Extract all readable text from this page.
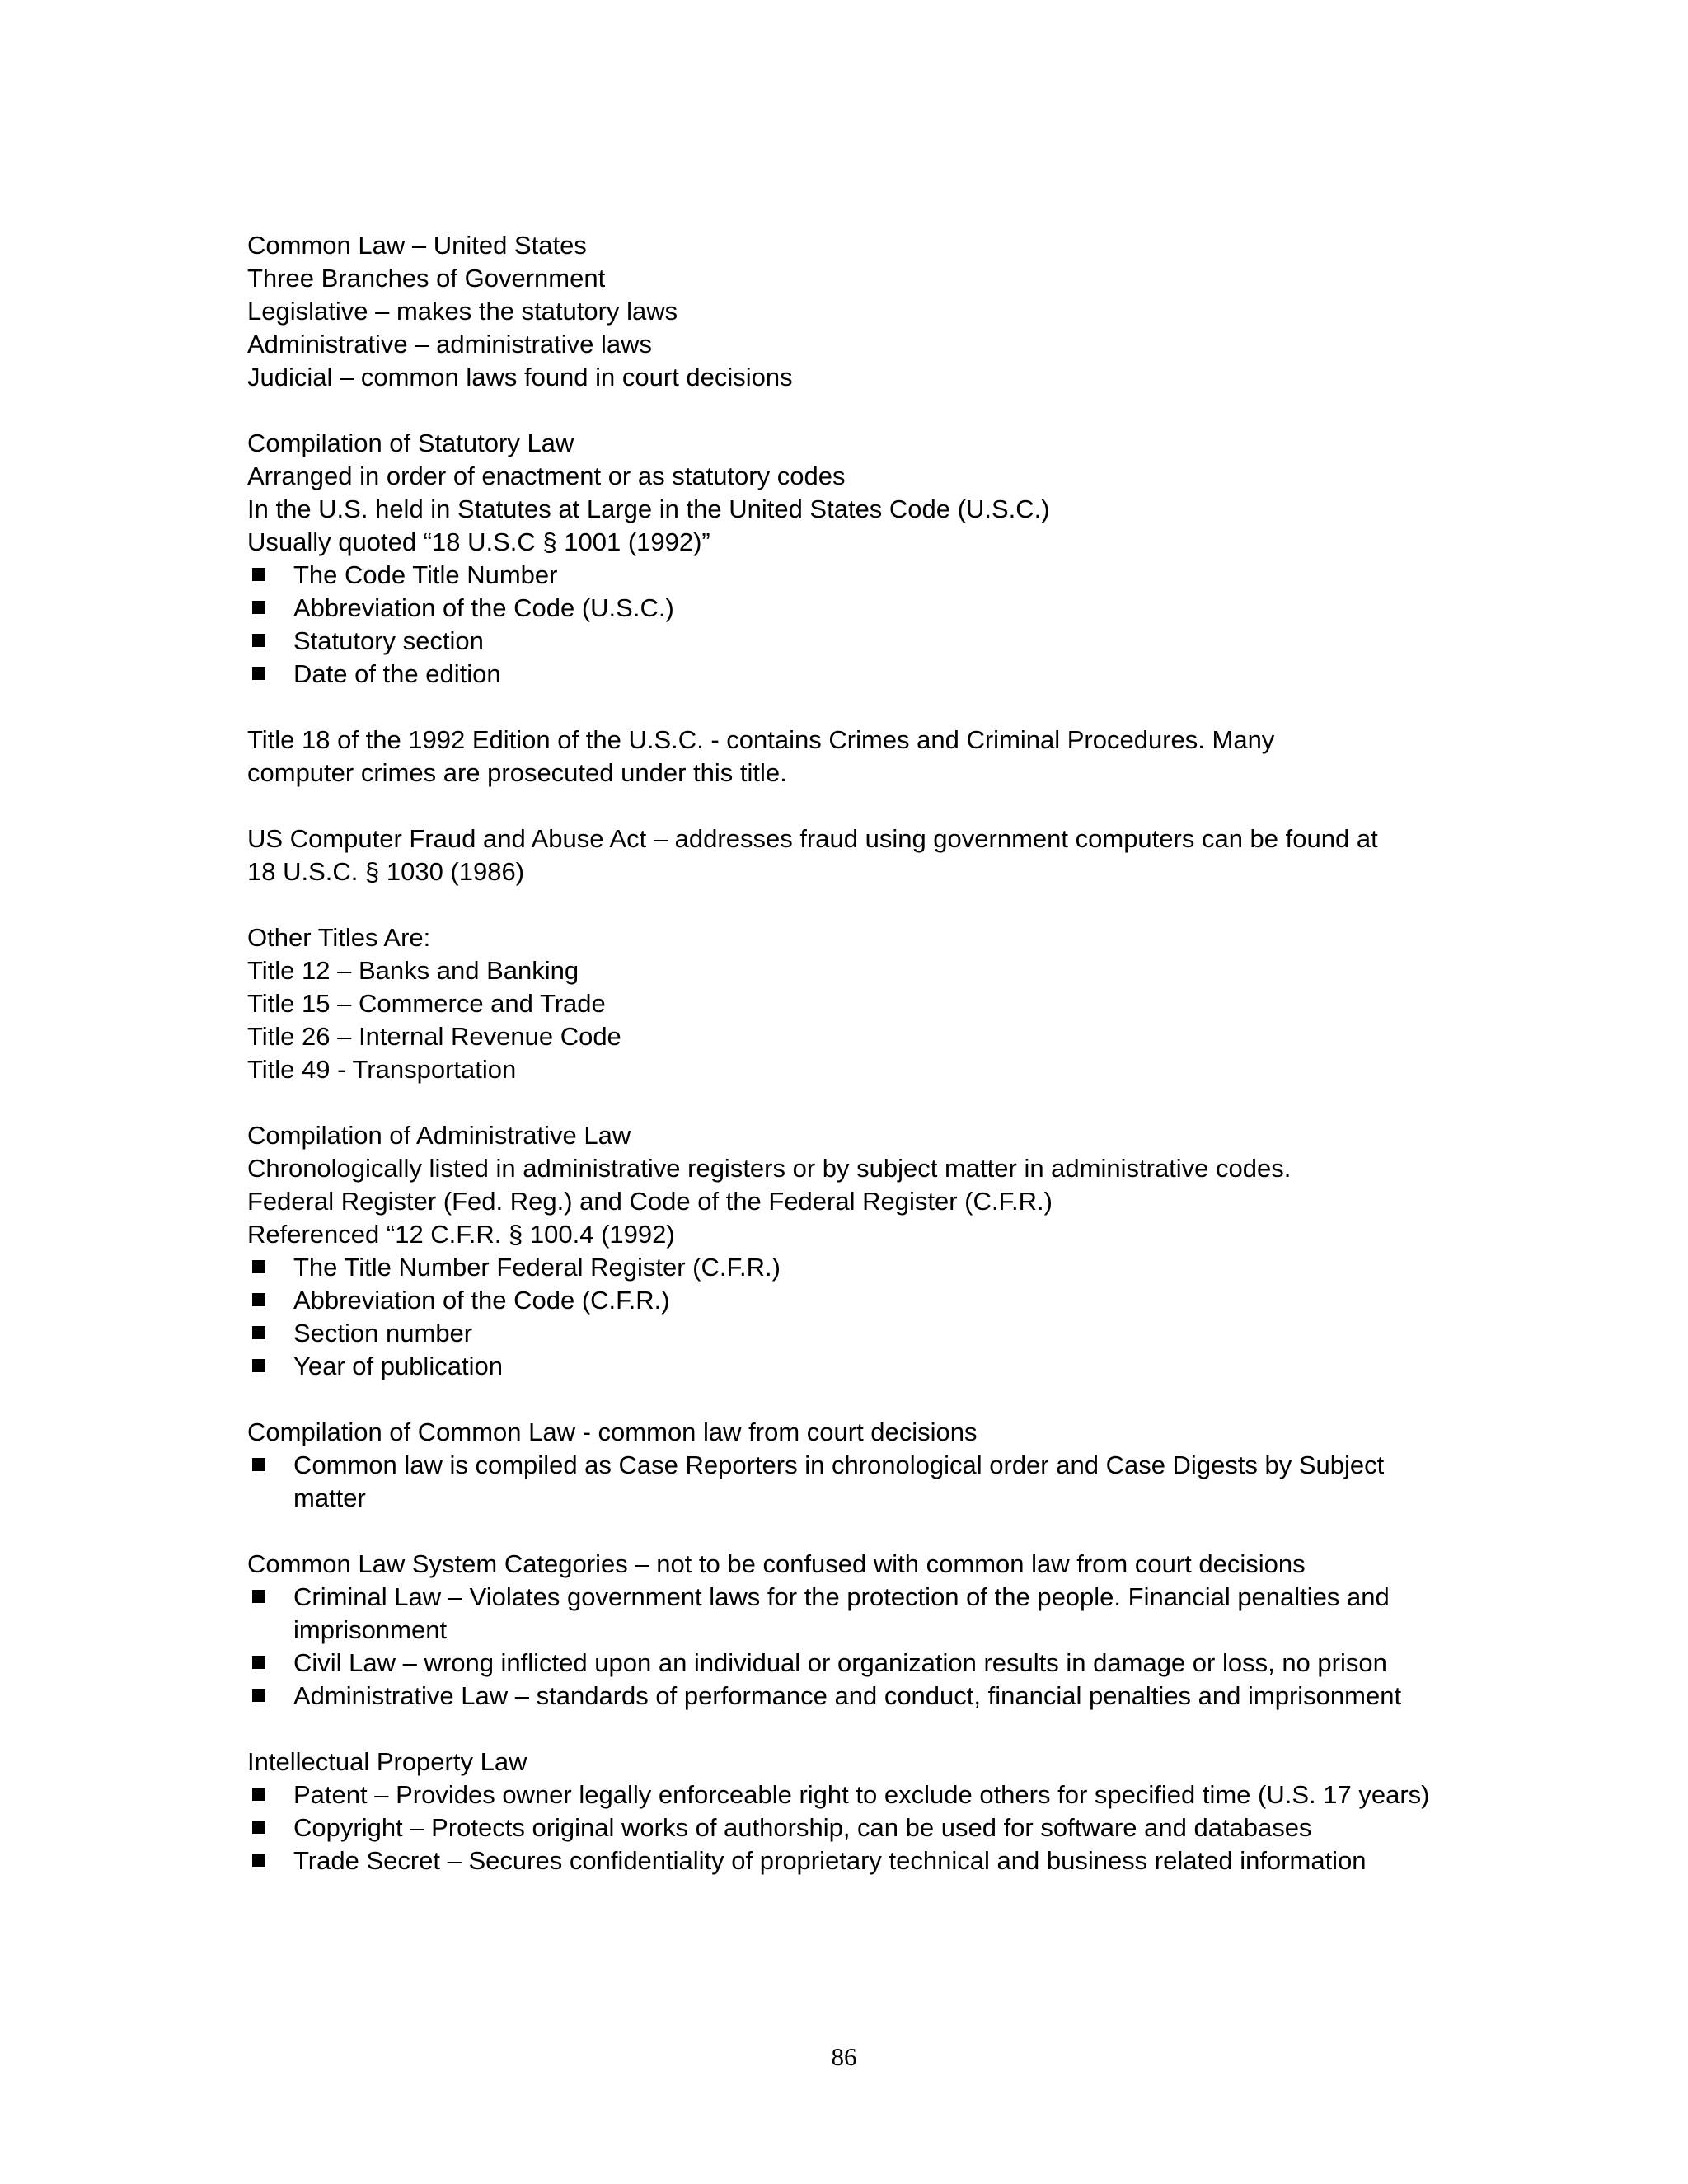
Common Law – United States
Three Branches of Government
Legislative – makes the statutory laws
Administrative – administrative laws
Judicial – common laws found in court decisions
Compilation of Statutory Law
Arranged in order of enactment or as statutory codes
In the U.S. held in Statutes at Large in the United States Code (U.S.C.)
Usually quoted “18 U.S.C § 1001 (1992)”
The Code Title Number
Abbreviation of the Code (U.S.C.)
Statutory section
Date of the edition
Title 18 of the 1992 Edition of the U.S.C. - contains Crimes and Criminal Procedures. Many
computer crimes are prosecuted under this title.
US Computer Fraud and Abuse Act – addresses fraud using government computers can be found at
18 U.S.C. § 1030 (1986)
Other Titles Are:
Title 12 – Banks and Banking
Title 15 – Commerce and Trade
Title 26 – Internal Revenue Code
Title 49 - Transportation
Compilation of Administrative Law
Chronologically listed in administrative registers or by subject matter in administrative codes.
Federal Register (Fed. Reg.) and Code of the Federal Register (C.F.R.)
Referenced “12 C.F.R. § 100.4 (1992)
The Title Number Federal Register (C.F.R.)
Abbreviation of the Code (C.F.R.)
Section number
Year of publication
Compilation of Common Law - common law from court decisions
Common law is compiled as Case Reporters in chronological order and Case Digests by Subject matter
Common Law System Categories – not to be confused with common law from court decisions
Criminal Law – Violates government laws for the protection of the people. Financial penalties and imprisonment
Civil Law – wrong inflicted upon an individual or organization results in damage or loss, no prison
Administrative Law – standards of performance and conduct, financial penalties and imprisonment
Intellectual Property Law
Patent – Provides owner legally enforceable right to exclude others for specified time (U.S. 17 years)
Copyright – Protects original works of authorship, can be used for software and databases
Trade Secret – Secures confidentiality of proprietary technical and business related information
86
